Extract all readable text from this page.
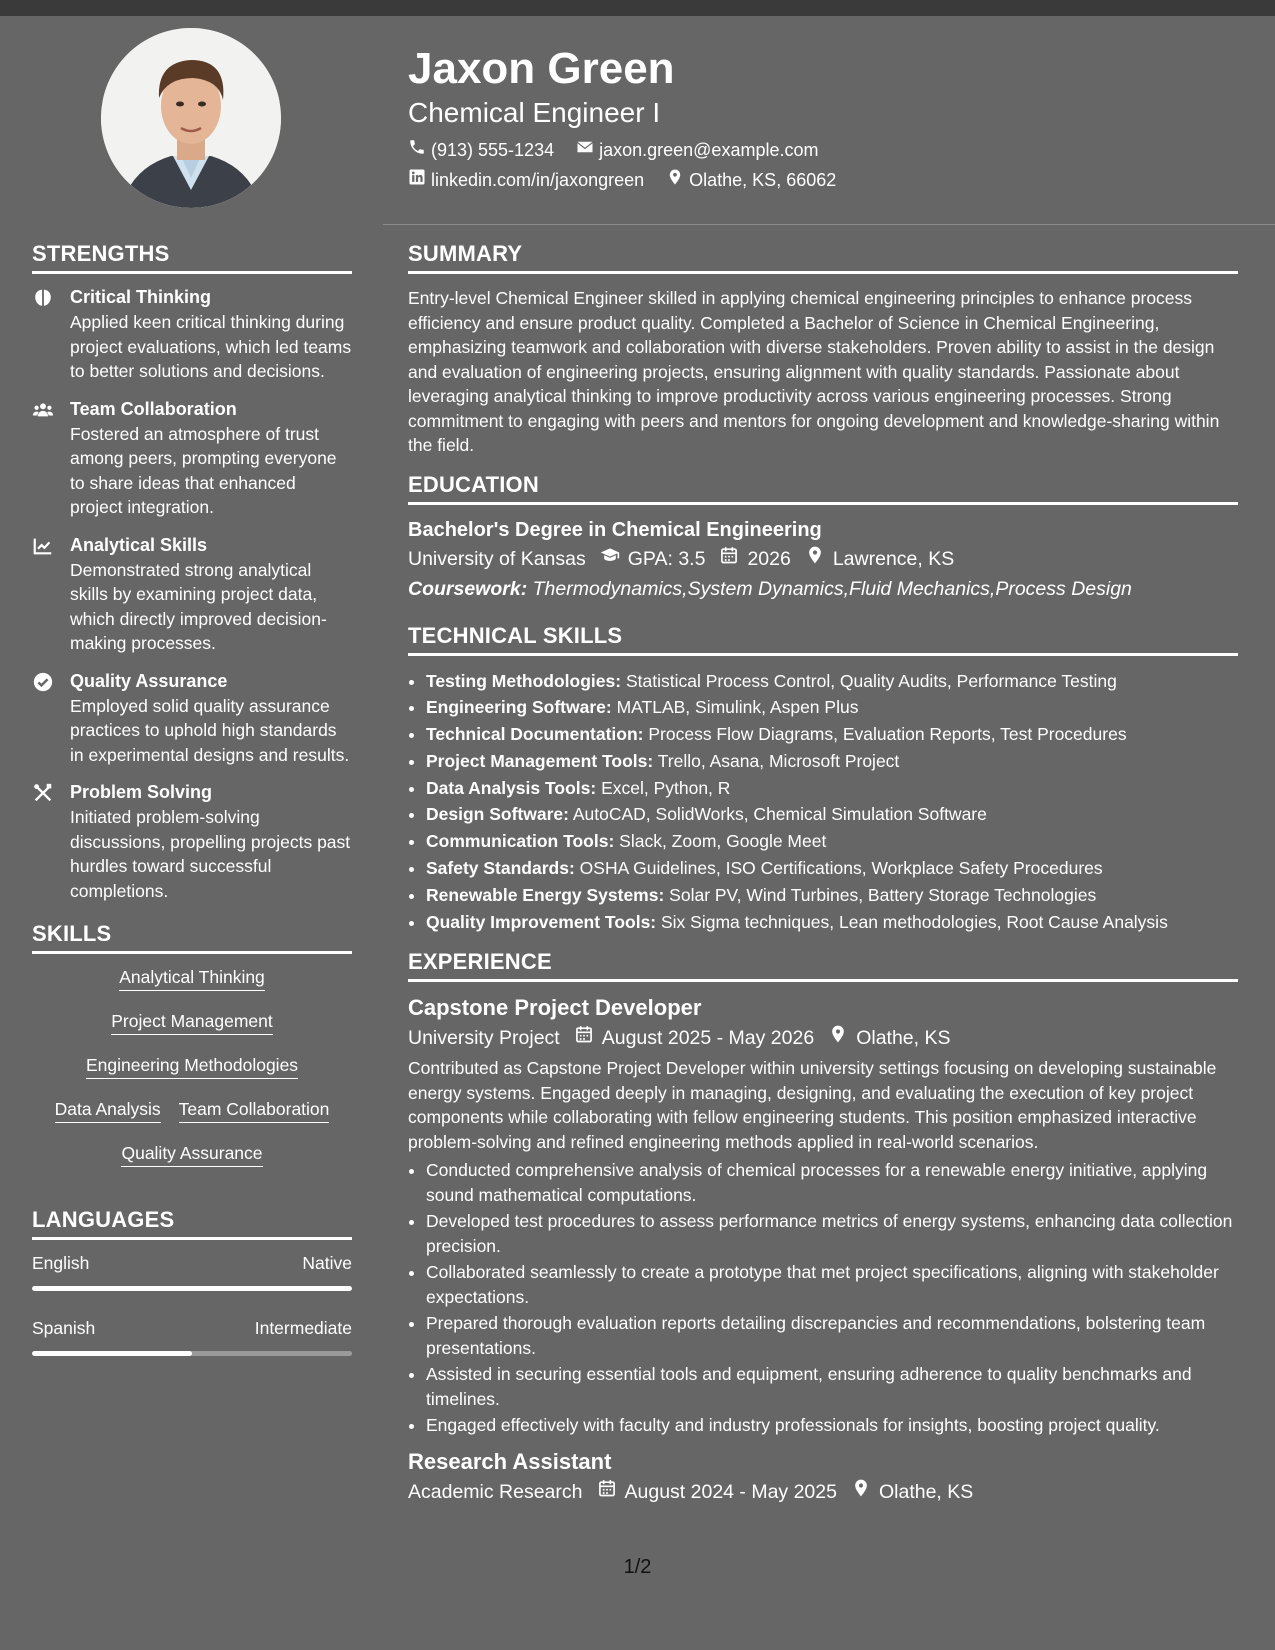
Jaxon Green
Chemical Engineer I
(913) 555-1234	jaxon.green@example.com
linkedin.com/in/jaxongreen	Olathe, KS, 66062
STRENGTHS
Critical Thinking
Applied keen critical thinking during project evaluations, which led teams to better solutions and decisions.
Team Collaboration
Fostered an atmosphere of trust among peers, prompting everyone to share ideas that enhanced project integration.
Analytical Skills
Demonstrated strong analytical skills by examining project data, which directly improved decision-making processes.
Quality Assurance
Employed solid quality assurance practices to uphold high standards in experimental designs and results.
Problem Solving
Initiated problem-solving discussions, propelling projects past hurdles toward successful completions.
SKILLS
Analytical Thinking
Project Management
Engineering Methodologies
Data Analysis Team Collaboration
Quality Assurance
LANGUAGES
English	Native
Spanish	Intermediate
SUMMARY
Entry-level Chemical Engineer skilled in applying chemical engineering principles to enhance process efficiency and ensure product quality. Completed a Bachelor of Science in Chemical Engineering, emphasizing teamwork and collaboration with diverse stakeholders. Proven ability to assist in the design and evaluation of engineering projects, ensuring alignment with quality standards. Passionate about leveraging analytical thinking to improve productivity across various engineering processes. Strong commitment to engaging with peers and mentors for ongoing development and knowledge-sharing within the field.
EDUCATION
Bachelor's Degree in Chemical Engineering
University of Kansas GPA: 3.5 2026 Lawrence, KS
Coursework: Thermodynamics,System Dynamics,Fluid Mechanics,Process Design
TECHNICAL SKILLS
• Testing Methodologies: Statistical Process Control, Quality Audits, Performance Testing
• Engineering Software: MATLAB, Simulink, Aspen Plus
• Technical Documentation: Process Flow Diagrams, Evaluation Reports, Test Procedures
• Project Management Tools: Trello, Asana, Microsoft Project
• Data Analysis Tools: Excel, Python, R
• Design Software: AutoCAD, SolidWorks, Chemical Simulation Software
• Communication Tools: Slack, Zoom, Google Meet
• Safety Standards: OSHA Guidelines, ISO Certifications, Workplace Safety Procedures
• Renewable Energy Systems: Solar PV, Wind Turbines, Battery Storage Technologies
• Quality Improvement Tools: Six Sigma techniques, Lean methodologies, Root Cause Analysis
EXPERIENCE
Capstone Project Developer
University Project August 2025 - May 2026 Olathe, KS
Contributed as Capstone Project Developer within university settings focusing on developing sustainable energy systems. Engaged deeply in managing, designing, and evaluating the execution of key project components while collaborating with fellow engineering students. This position emphasized interactive problem-solving and refined engineering methods applied in real-world scenarios.
• Conducted comprehensive analysis of chemical processes for a renewable energy initiative, applying sound mathematical computations.
• Developed test procedures to assess performance metrics of energy systems, enhancing data collection precision.
• Collaborated seamlessly to create a prototype that met project specifications, aligning with stakeholder expectations.
• Prepared thorough evaluation reports detailing discrepancies and recommendations, bolstering team presentations.
• Assisted in securing essential tools and equipment, ensuring adherence to quality benchmarks and timelines.
• Engaged effectively with faculty and industry professionals for insights, boosting project quality.
Research Assistant
Academic Research August 2024 - May 2025 Olathe, KS
1/2
